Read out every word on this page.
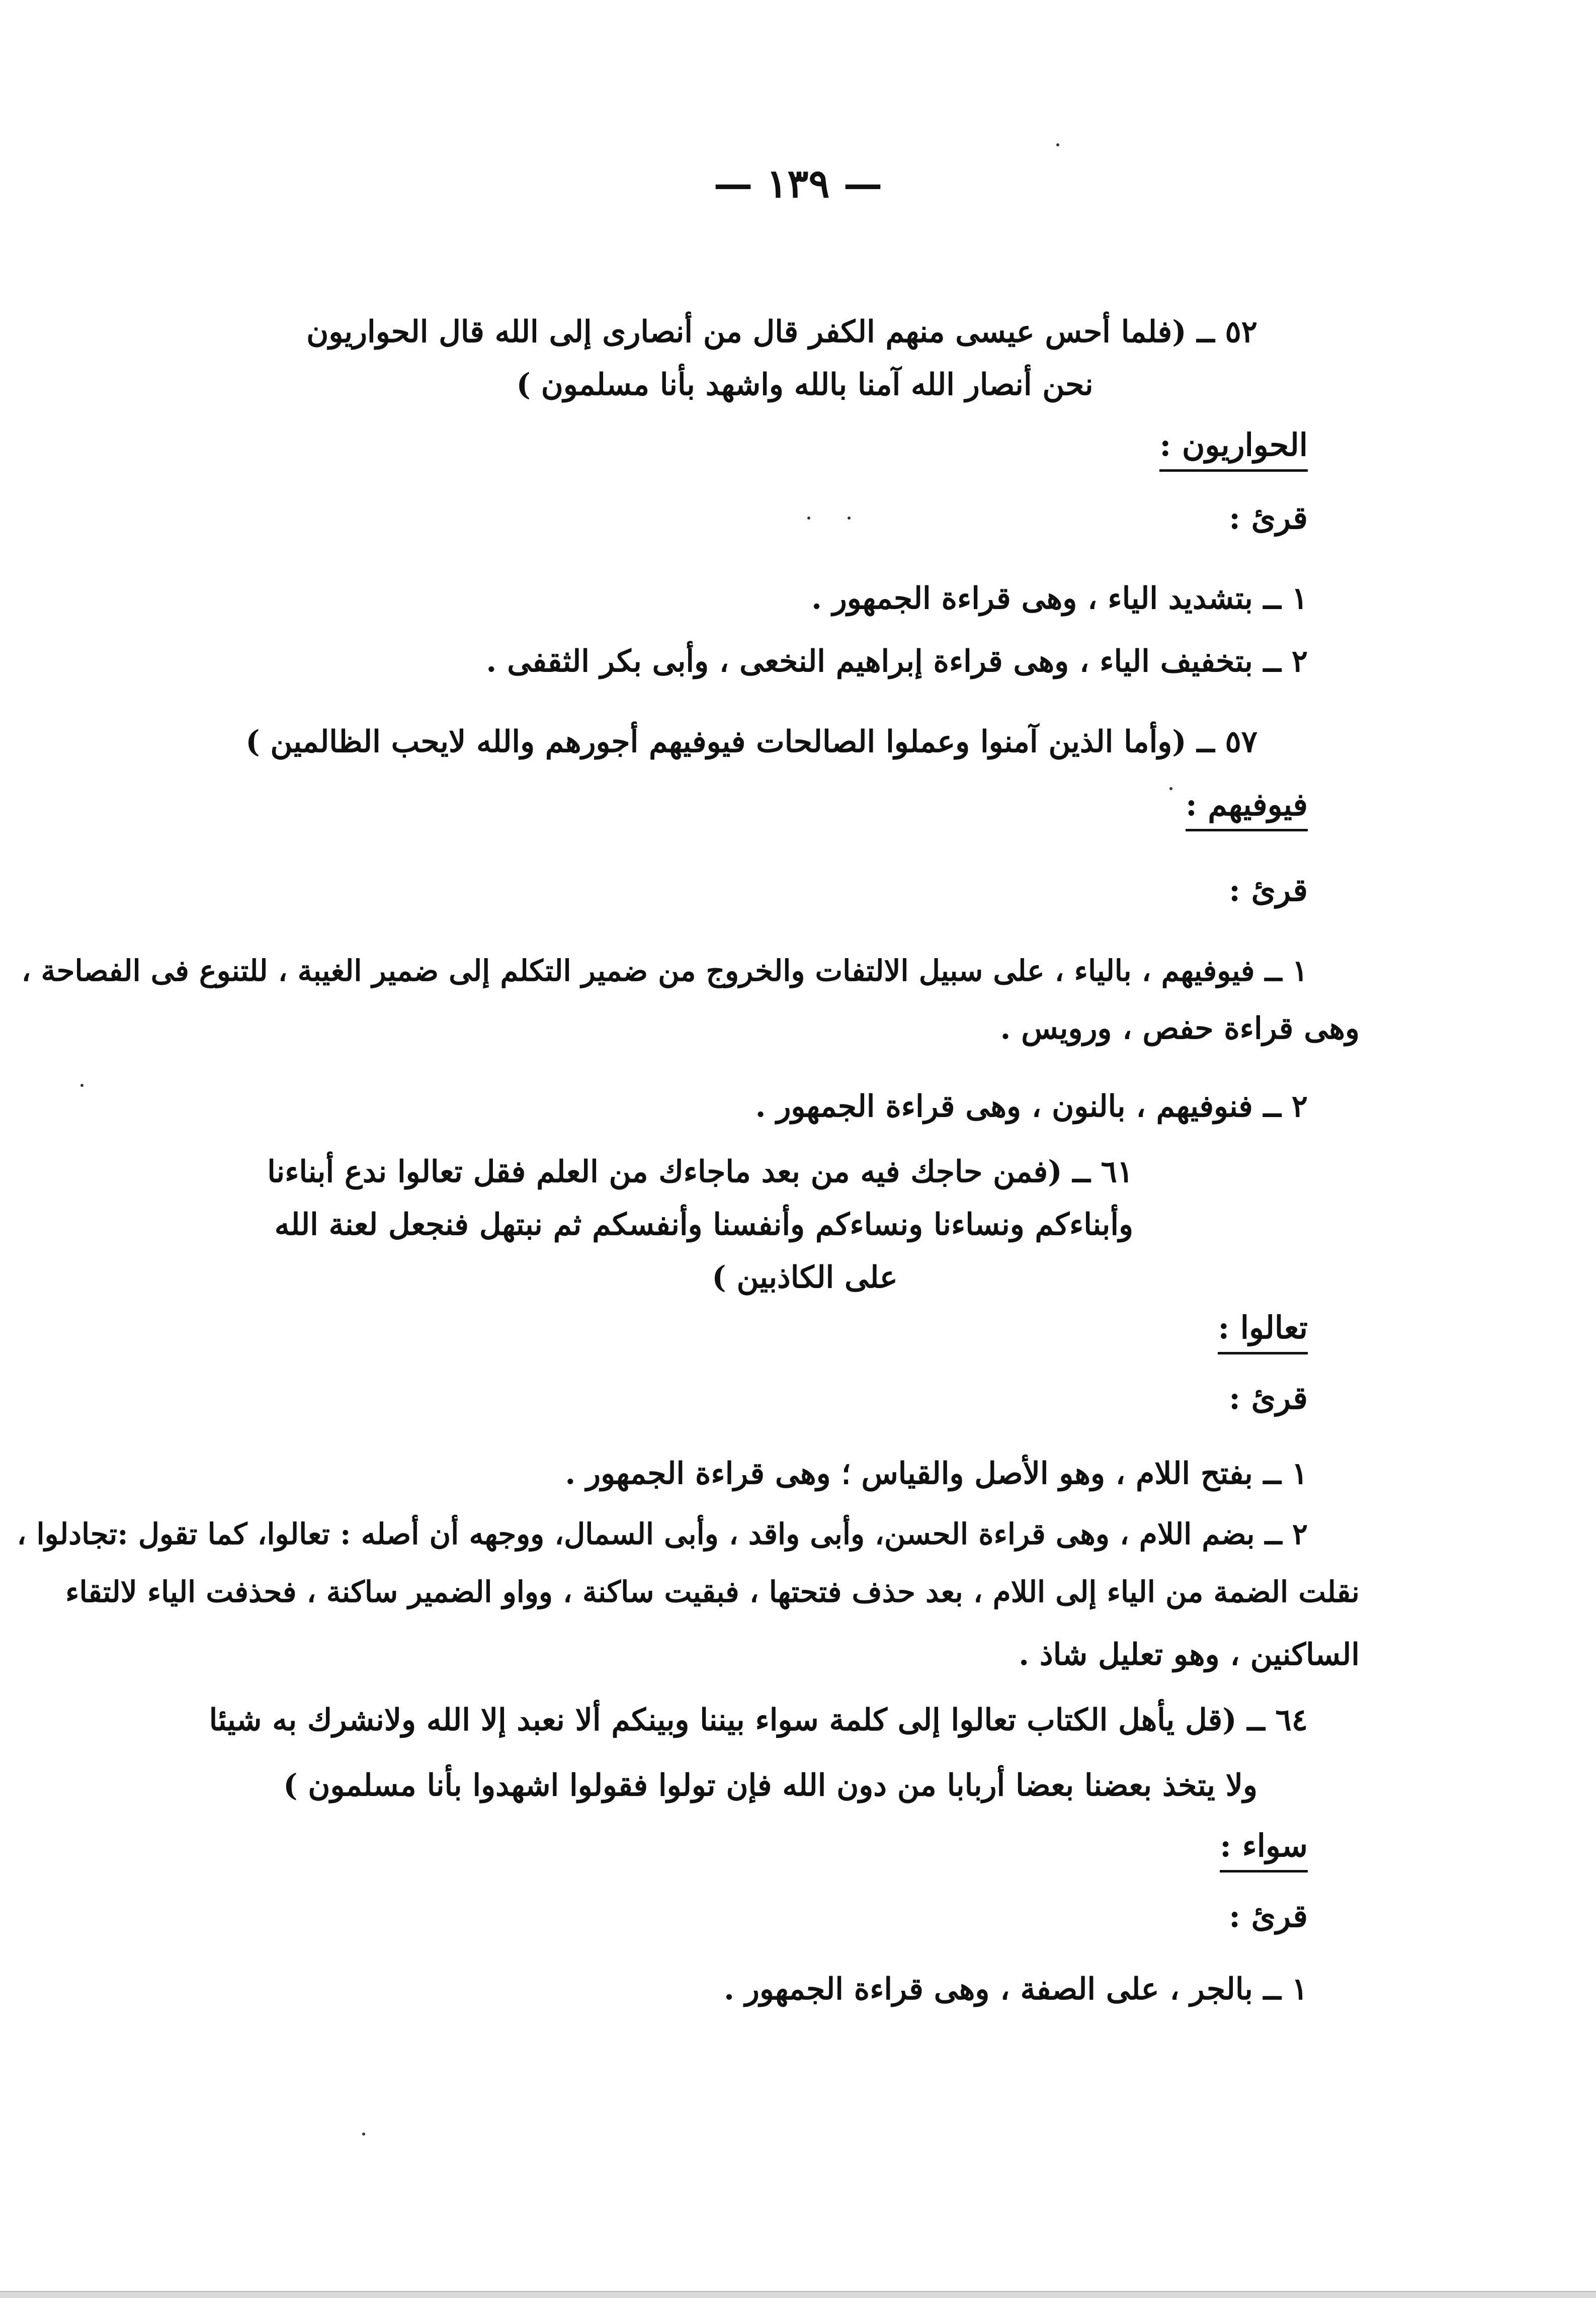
— ١٣٩ —
٥٢ ــ (فلما أحس عيسى منهم الكفر قال من أنصارى إلى الله قال الحواريون
نحن أنصار الله آمنا بالله واشهد بأنا مسلمون )
الحواريون :
قرئ :
١ ــ بتشديد الياء ، وهى قراءة الجمهور .
٢ ــ بتخفيف الياء ، وهى قراءة إبراهيم النخعى ، وأبى بكر الثقفى .
٥٧ ــ (وأما الذين آمنوا وعملوا الصالحات فيوفيهم أجورهم والله لايحب الظالمين )
فيوفيهم :
قرئ :
١ ــ فيوفيهم ، بالياء ، على سبيل الالتفات والخروج من ضمير التكلم إلى ضمير الغيبة ، للتنوع فى الفصاحة ،
وهى قراءة حفص ، ورويس .
٢ ــ فنوفيهم ، بالنون ، وهى قراءة الجمهور .
٦١ ــ (فمن حاجك فيه من بعد ماجاءك من العلم فقل تعالوا ندع أبناءنا
وأبناءكم ونساءنا ونساءكم وأنفسنا وأنفسكم ثم نبتهل فنجعل لعنة الله
على الكاذبين )
تعالوا :
قرئ :
١ ــ بفتح اللام ، وهو الأصل والقياس ؛ وهى قراءة الجمهور .
٢ ــ بضم اللام ، وهى قراءة الحسن، وأبى واقد ، وأبى السمال، ووجهه أن أصله : تعالوا، كما تقول :تجادلوا ،
نقلت الضمة من الياء إلى اللام ، بعد حذف فتحتها ، فبقيت ساكنة ، وواو الضمير ساكنة ، فحذفت الياء لالتقاء
الساكنين ، وهو تعليل شاذ .
٦٤ ــ (قل يأهل الكتاب تعالوا إلى كلمة سواء بيننا وبينكم ألا نعبد إلا الله ولانشرك به شيئا
ولا يتخذ بعضنا بعضا أربابا من دون الله فإن تولوا فقولوا اشهدوا بأنا مسلمون )
سواء :
قرئ :
١ ــ بالجر ، على الصفة ، وهى قراءة الجمهور .
